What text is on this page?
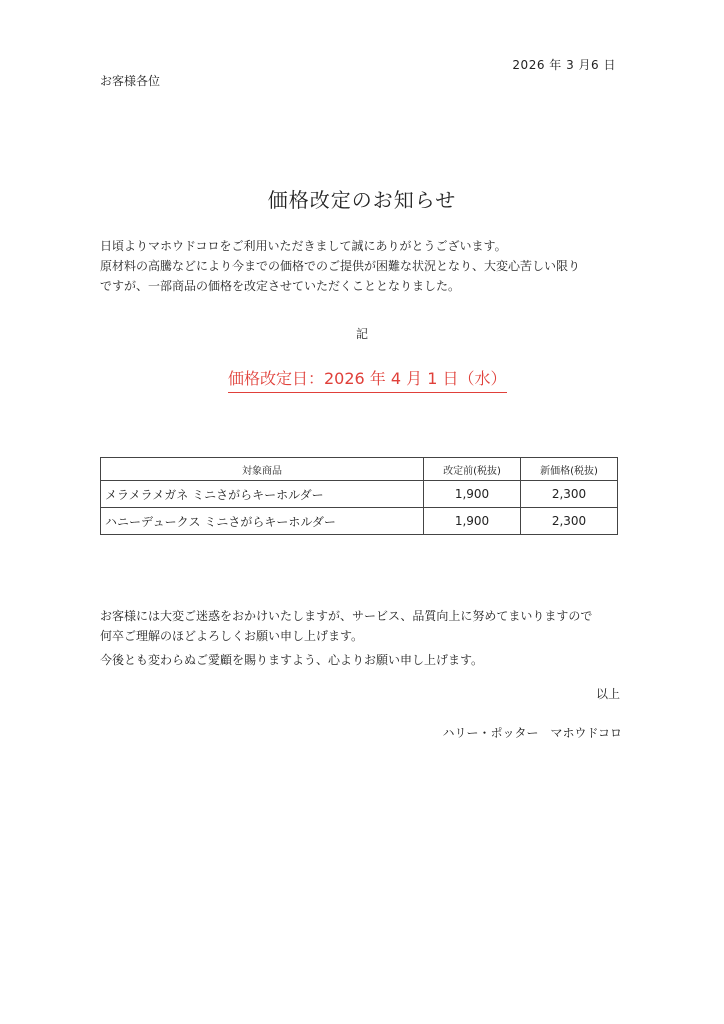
2026 年 3 月6 日
お客様各位
価格改定のお知らせ

日頃よりマホウドコロをご利用いただきまして誠にありがとうございます。

原材料の高騰などにより今までの価格でのご提供が困難な状況となり、大変心苦しい限り

ですが、一部商品の価格を改定させていただくこととなりました。

記
価格改定日：2026 年 4 月 1 日（水）
対象商品	改定前(税抜)	新価格(税抜)
メラメラメガネ ミニさがらキーホルダー	1,900	2,300
ハニーデュークス ミニさがらキーホルダー	1,900	2,300

お客様には大変ご迷惑をおかけいたしますが、サービス、品質向上に努めてまいりますので

何卒ご理解のほどよろしくお願い申し上げます。

今後とも変わらぬご愛顧を賜りますよう、心よりお願い申し上げます。

以上
ハリー・ポッター　マホウドコロ
